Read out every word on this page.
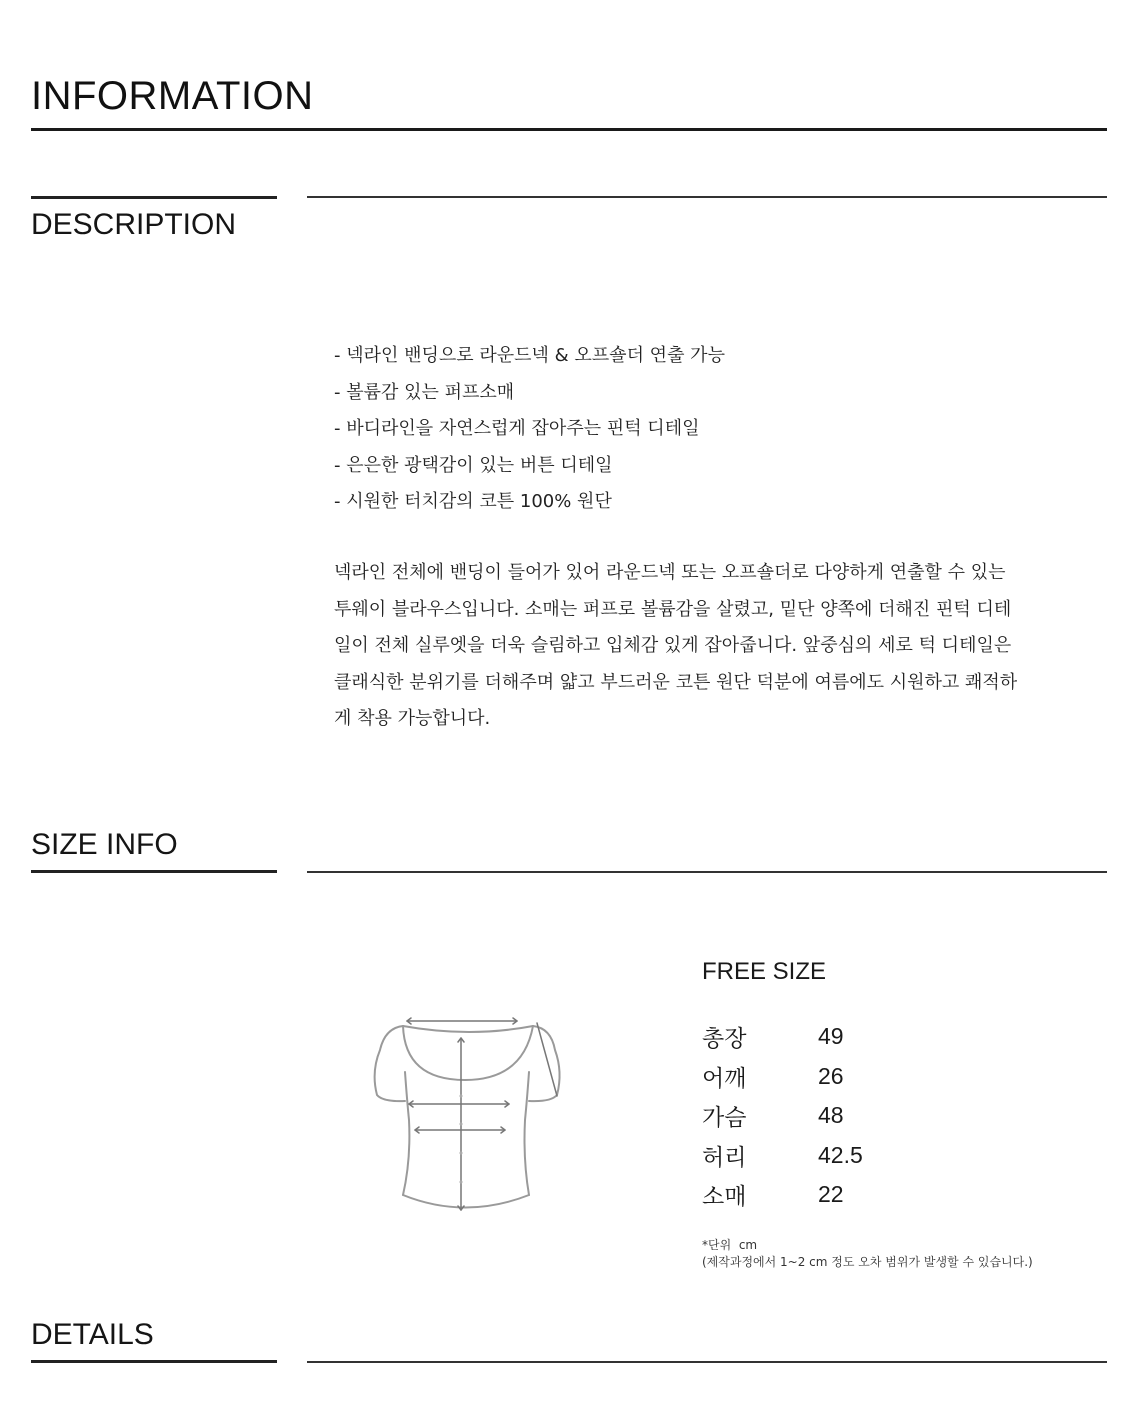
INFORMATION
DESCRIPTION
- 넥라인 밴딩으로 라운드넥 & 오프숄더 연출 가능
- 볼륨감 있는 퍼프소매
- 바디라인을 자연스럽게 잡아주는 핀턱 디테일
- 은은한 광택감이 있는 버튼 디테일
- 시원한 터치감의 코튼 100% 원단
넥라인 전체에 밴딩이 들어가 있어 라운드넥 또는 오프숄더로 다양하게 연출할 수 있는
투웨이 블라우스입니다. 소매는 퍼프로 볼륨감을 살렸고, 밑단 양쪽에 더해진 핀턱 디테
일이 전체 실루엣을 더욱 슬림하고 입체감 있게 잡아줍니다. 앞중심의 세로 턱 디테일은
클래식한 분위기를 더해주며 얇고 부드러운 코튼 원단 덕분에 여름에도 시원하고 쾌적하
게 착용 가능합니다.
SIZE INFO
FREE SIZE
총장	49
어깨	26
가슴	48
허리	42.5
소매	22
*단위  cm
(제작과정에서 1~2 cm 정도 오차 범위가 발생할 수 있습니다.)
DETAILS
